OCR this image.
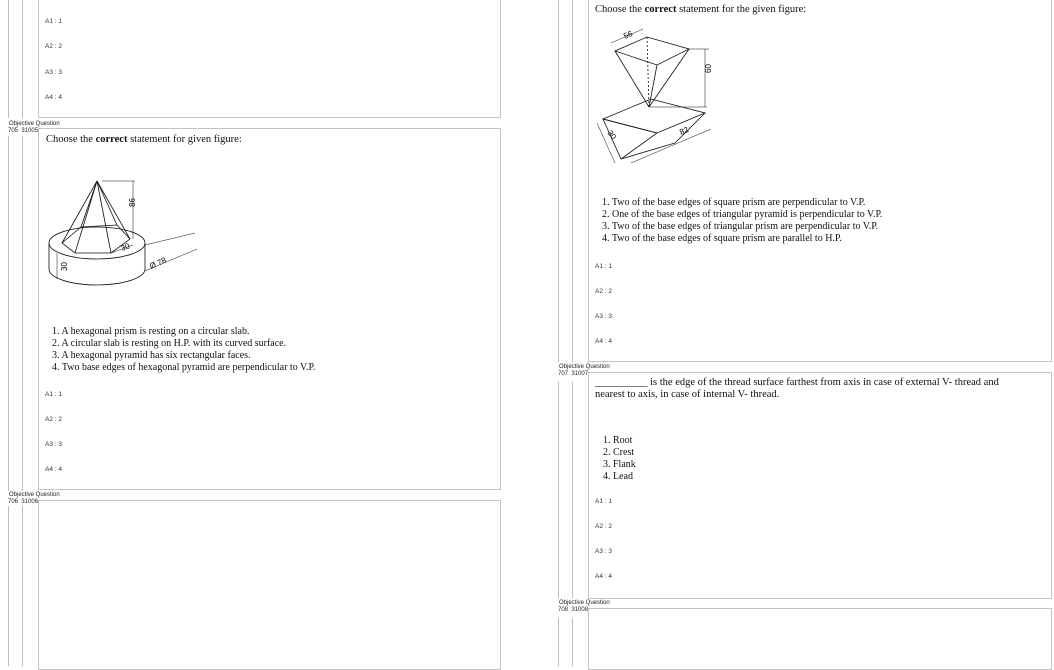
A1 : 1
A2 : 2
A3 : 3
A4 : 4
Objective Question
705 31005
Choose the correct statement for given figure:
86
30
30	Ø 78
1. A hexagonal prism is resting on a circular slab.
2. A circular slab is resting on H.P. with its curved surface.
3. A hexagonal pyramid has six rectangular faces.
4. Two base edges of hexagonal pyramid are perpendicular to V.P.
A1 : 1
A2 : 2
A3 : 3
A4 : 4
Objective Question
706 31006
Choose the correct statement for the given figure:
56
60
30	82
1. Two of the base edges of square prism are perpendicular to V.P.
2. One of the base edges of triangular pyramid is perpendicular to V.P.
3. Two of the base edges of triangular prism are perpendicular to V.P.
4. Two of the base edges of square prism are parallel to H.P.
A1 : 1
A2 : 2
A3 : 3
A4 : 4
Objective Question
707 31007
__________ is the edge of the thread surface farthest from axis in case of external V- thread and
nearest to axis, in case of internal V- thread.
1. Root
2. Crest
3. Flank
4. Lead
A1 : 1
A2 : 2
A3 : 3
A4 : 4
Objective Question
708 31008
